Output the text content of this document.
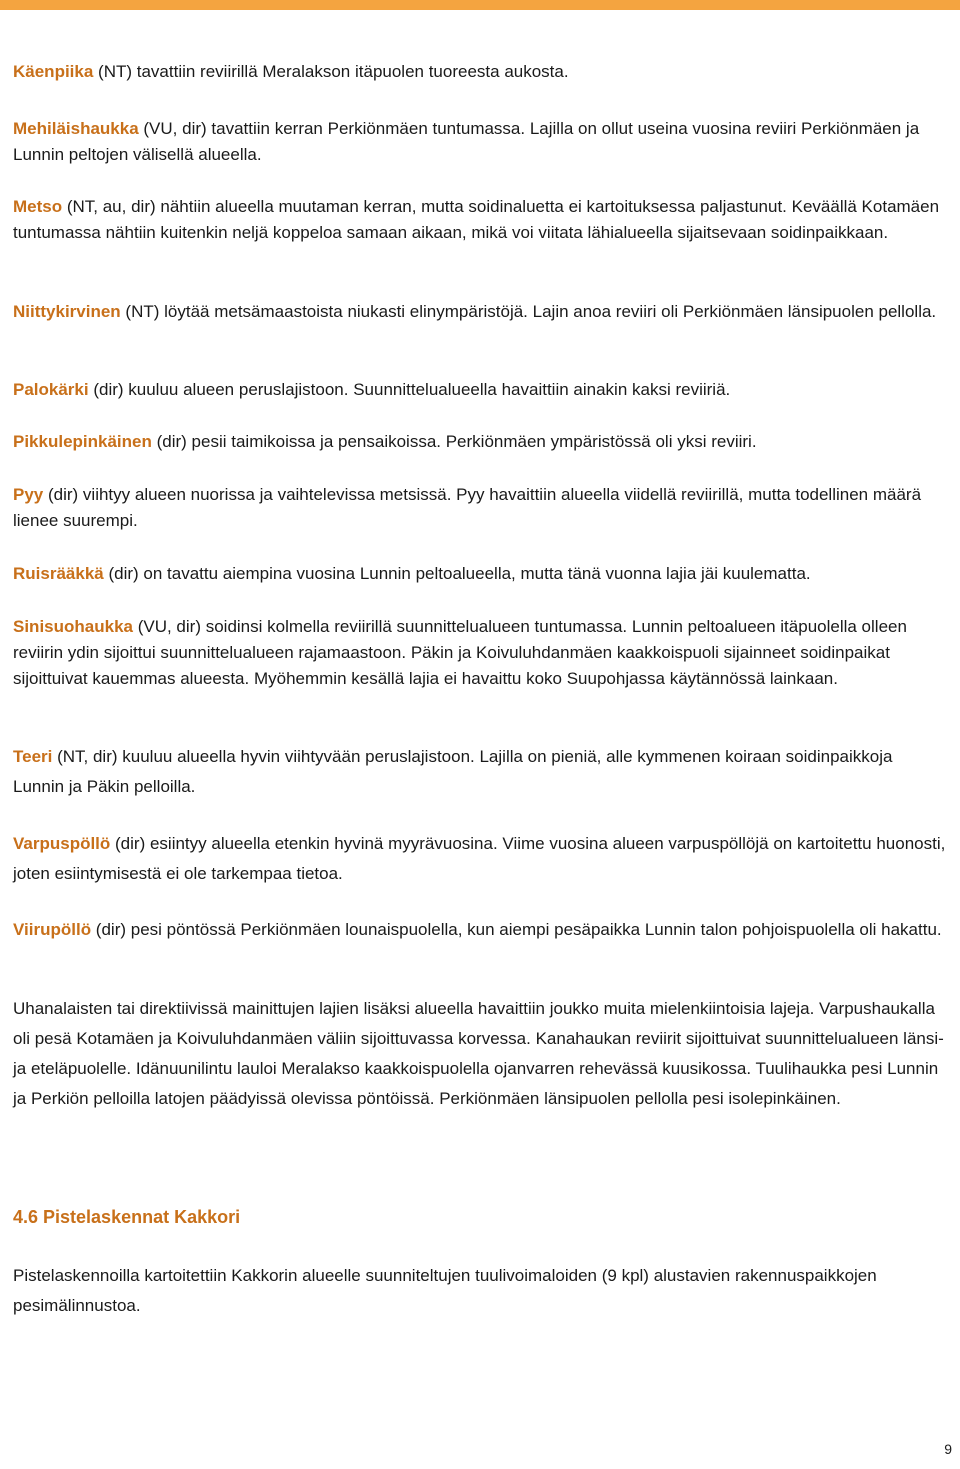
Käenpiika (NT) tavattiin reviirillä Meralakson itäpuolen tuoreesta aukosta.

Mehiläishaukka (VU, dir) tavattiin kerran Perkiönmäen tuntumassa. Lajilla on ollut useina vuosina reviiri Perkiönmäen ja Lunnin peltojen välisellä alueella.

Metso (NT, au, dir) nähtiin alueella muutaman kerran, mutta soidinaluetta ei kartoituksessa paljastunut. Keväällä Kotamäen tuntumassa nähtiin kuitenkin neljä koppeloa samaan aikaan, mikä voi viitata lähialueella sijaitsevaan soidinpaikkaan.

Niittykirvinen (NT) löytää metsämaastoista niukasti elinympäristöjä. Lajin anoa reviiri oli Perkiönmäen länsipuolen pellolla.

Palokärki (dir) kuuluu alueen peruslajistoon. Suunnittelualueella havaittiin ainakin kaksi reviiriä.

Pikkulepinkäinen (dir) pesii taimikoissa ja pensaikoissa. Perkiönmäen ympäristössä oli yksi reviiri.

Pyy (dir) viihtyy alueen nuorissa ja vaihtelevissa metsissä. Pyy havaittiin alueella viidellä reviirillä, mutta todellinen määrä lienee suurempi.

Ruisrääkkä (dir) on tavattu aiempina vuosina Lunnin peltoalueella, mutta tänä vuonna lajia jäi kuulematta.

Sinisuohaukka (VU, dir) soidinsi kolmella reviirillä suunnittelualueen tuntumassa. Lunnin peltoalueen itäpuolella olleen reviirin ydin sijoittui suunnittelualueen rajamaastoon. Päkin ja Koivuluhdanmäen kaakkoispuoli sijainneet soidinpaikat sijoittuivat kauemmas alueesta. Myöhemmin kesällä lajia ei havaittu koko Suupohjassa käytännössä lainkaan.

Teeri (NT, dir) kuuluu alueella hyvin viihtyvään peruslajistoon. Lajilla on pieniä, alle kymmenen koiraan soidinpaikkoja Lunnin ja Päkin pelloilla.

Varpuspöllö (dir) esiintyy alueella etenkin hyvinä myyrävuosina. Viime vuosina alueen varpuspöllöjä on kartoitettu huonosti, joten esiintymisestä ei ole tarkempaa tietoa.

Viirupöllö (dir) pesi pöntössä Perkiönmäen lounaispuolella, kun aiempi pesäpaikka Lunnin talon pohjoispuolella oli hakattu.

Uhanalaisten tai direktiivissä mainittujen lajien lisäksi alueella havaittiin joukko muita mielenkiintoisia lajeja. Varpushaukalla oli pesä Kotamäen ja Koivuluhdanmäen väliin sijoittuvassa korvessa. Kanahaukan reviirit sijoittuivat suunnittelualueen länsi- ja eteläpuolelle. Idänuunilintu lauloi Meralakso kaakkoispuolella ojanvarren rehevässä kuusikossa. Tuulihaukka pesi Lunnin ja Perkiön pelloilla latojen päädyissä olevissa pöntöissä. Perkiönmäen länsipuolen pellolla pesi isolepinkäinen.

4.6 Pistelaskennat Kakkori

Pistelaskennoilla kartoitettiin Kakkorin alueelle suunniteltujen tuulivoimaloiden (9 kpl) alustavien rakennuspaikkojen pesimälinnustoa.

9
